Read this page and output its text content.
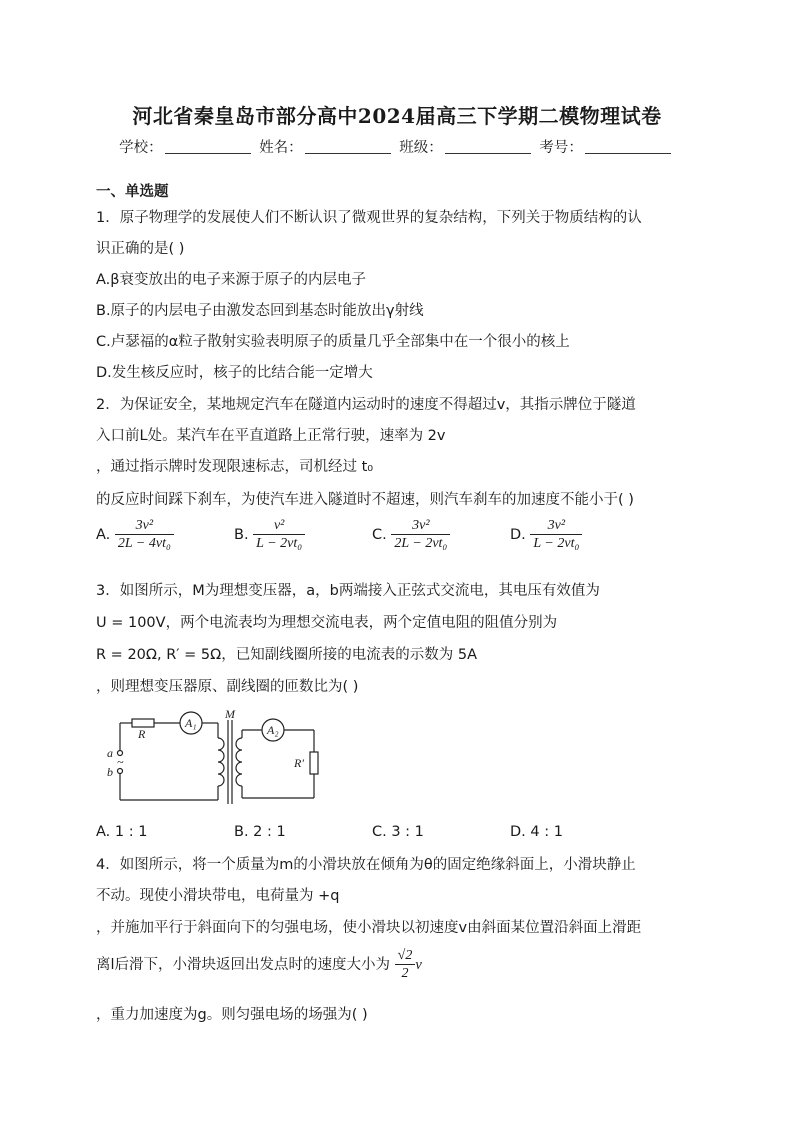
河北省秦皇岛市部分高中2024届高三下学期二模物理试卷
学校：	姓名：	班级：	考号：
一、单选题
1．原子物理学的发展使人们不断认识了微观世界的复杂结构，下列关于物质结构的认
识正确的是( )
A.β衰变放出的电子来源于原子的内层电子
B.原子的内层电子由激发态回到基态时能放出γ射线
C.卢瑟福的α粒子散射实验表明原子的质量几乎全部集中在一个很小的核上
D.发生核反应时，核子的比结合能一定增大
2．为保证安全，某地规定汽车在隧道内运动时的速度不得超过v，其指示牌位于隧道
入口前L处。某汽车在平直道路上正常行驶，速率为 2v
，通过指示牌时发现限速标志，司机经过 t₀
的反应时间踩下刹车，为使汽车进入隧道时不超速，则汽车刹车的加速度不能小于( )
A. $\frac{\text{3v²}}{\text{2L − 4vt₀}}$	B. $\frac{\text{v²}}{\text{L − 2vt₀}}$	C. $\frac{\text{3v²}}{\text{2L − 2vt₀}}$	D. $\frac{\text{3v²}}{\text{L − 2vt₀}}$
3．如图所示，M为理想变压器，a，b两端接入正弦式交流电，其电压有效值为
U = 100V，两个电流表均为理想交流电表，两个定值电阻的阻值分别为
R = 20Ω, R′ = 5Ω，已知副线圈所接的电流表的示数为 5A
，则理想变压器原、副线圈的匝数比为( )
R
A₁	A₂
M
a
b
~	R′
A. 1 : 1	B. 2 : 1	C. 3 : 1	D. 4 : 1
4．如图所示，将一个质量为m的小滑块放在倾角为θ的固定绝缘斜面上，小滑块静止
不动。现使小滑块带电，电荷量为 +q
，并施加平行于斜面向下的匀强电场，使小滑块以初速度v由斜面某位置沿斜面上滑距
离l后滑下，小滑块返回出发点时的速度大小为 $\frac{√2}{2}$ v
，重力加速度为g。则匀强电场的场强为( )
